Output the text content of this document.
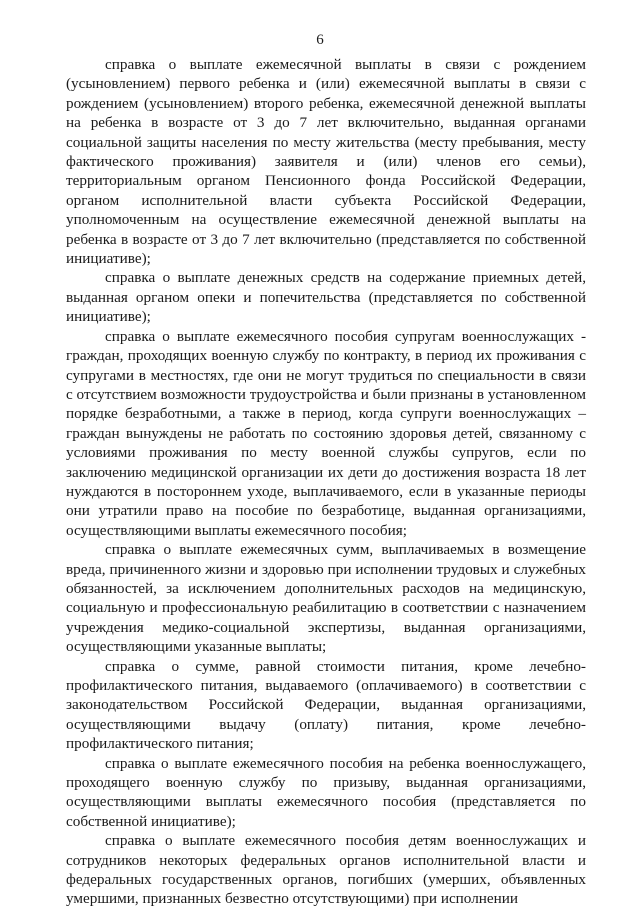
6

справка о выплате ежемесячной выплаты в связи с рождением (усыновлением) первого ребенка и (или) ежемесячной выплаты в связи с рождением (усыновлением) второго ребенка, ежемесячной денежной выплаты на ребенка в возрасте от 3 до 7 лет включительно, выданная органами социальной защиты населения по месту жительства (месту пребывания, месту фактического проживания) заявителя и (или) членов его семьи), территориальным органом Пенсионного фонда Российской Федерации, органом исполнительной власти субъекта Российской Федерации, уполномоченным на осуществление ежемесячной денежной выплаты на ребенка в возрасте от 3 до 7 лет включительно (представляется по собственной инициативе);

справка о выплате денежных средств на содержание приемных детей, выданная органом опеки и попечительства (представляется по собственной инициативе);

справка о выплате ежемесячного пособия супругам военнослужащих - граждан, проходящих военную службу по контракту, в период их проживания с супругами в местностях, где они не могут трудиться по специальности в связи с отсутствием возможности трудоустройства и были признаны в установленном порядке безработными, а также в период, когда супруги военнослужащих – граждан вынуждены не работать по состоянию здоровья детей, связанному с условиями проживания по месту военной службы супругов, если по заключению медицинской организации их дети до достижения возраста 18 лет нуждаются в постороннем уходе, выплачиваемого, если в указанные периоды они утратили право на пособие по безработице, выданная организациями, осуществляющими выплаты ежемесячного пособия;

справка о выплате ежемесячных сумм, выплачиваемых в возмещение вреда, причиненного жизни и здоровью при исполнении трудовых и служебных обязанностей, за исключением дополнительных расходов на медицинскую, социальную и профессиональную реабилитацию в соответствии с назначением учреждения медико-социальной экспертизы, выданная организациями, осуществляющими указанные выплаты;

справка о сумме, равной стоимости питания, кроме лечебно-профилактического питания, выдаваемого (оплачиваемого) в соответствии с законодательством Российской Федерации, выданная организациями, осуществляющими выдачу (оплату) питания, кроме лечебно-профилактического питания;

справка о выплате ежемесячного пособия на ребенка военнослужащего, проходящего военную службу по призыву, выданная организациями, осуществляющими выплаты ежемесячного пособия (представляется по собственной инициативе);

справка о выплате ежемесячного пособия детям военнослужащих и сотрудников некоторых федеральных органов исполнительной власти и федеральных государственных органов, погибших (умерших, объявленных умершими, признанных безвестно отсутствующими) при исполнении
